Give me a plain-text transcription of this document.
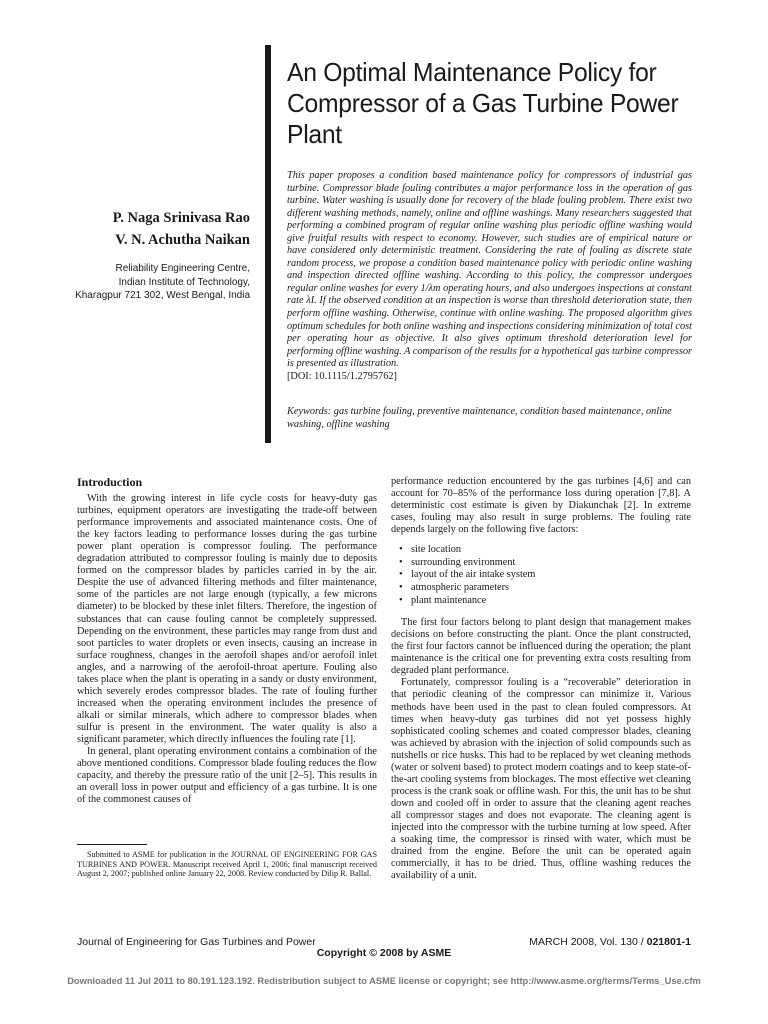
An Optimal Maintenance Policy for Compressor of a Gas Turbine Power Plant
P. Naga Srinivasa Rao
V. N. Achutha Naikan
Reliability Engineering Centre,
Indian Institute of Technology,
Kharagpur 721 302, West Bengal, India

This paper proposes a condition based maintenance policy for compressors of industrial gas turbine. Compressor blade fouling contributes a major performance loss in the operation of gas turbine. Water washing is usually done for recovery of the blade fouling problem. There exist two different washing methods, namely, online and offline washings. Many researchers suggested that performing a combined program of regular online washing plus periodic offline washing would give fruitful results with respect to economy. However, such studies are of empirical nature or have considered only deterministic treatment. Considering the rate of fouling as discrete state random process, we propose a condition based maintenance policy with periodic online washing and inspection directed offline washing. According to this policy, the compressor undergoes regular online washes for every 1/λm operating hours, and also undergoes inspections at constant rate λI. If the observed condition at an inspection is worse than threshold deterioration state, then perform offline washing. Otherwise, continue with online washing. The proposed algorithm gives optimum schedules for both online washing and inspections considering minimization of total cost per operating hour as objective. It also gives optimum threshold deterioration level for performing offline washing. A comparison of the results for a hypothetical gas turbine compressor is presented as illustration.
[DOI: 10.1115/1.2795762]

Keywords: gas turbine fouling, preventive maintenance, condition based maintenance, online washing, offline washing

Introduction

With the growing interest in life cycle costs for heavy-duty gas turbines, equipment operators are investigating the trade-off between performance improvements and associated maintenance costs. One of the key factors leading to performance losses during the gas turbine power plant operation is compressor fouling. The performance degradation attributed to compressor fouling is mainly due to deposits formed on the compressor blades by particles carried in by the air. Despite the use of advanced filtering methods and filter maintenance, some of the particles are not large enough (typically, a few microns diameter) to be blocked by these inlet filters. Therefore, the ingestion of substances that can cause fouling cannot be completely suppressed. Depending on the environment, these particles may range from dust and soot particles to water droplets or even insects, causing an increase in surface roughness, changes in the aerofoil shapes and/or aerofoil inlet angles, and a narrowing of the aerofoil-throat aperture. Fouling also takes place when the plant is operating in a sandy or dusty environment, which severely erodes compressor blades. The rate of fouling further increased when the operating environment includes the presence of alkali or similar minerals, which adhere to compressor blades when sulfur is present in the environment. The water quality is also a significant parameter, which directly influences the fouling rate [1].

In general, plant operating environment contains a combination of the above mentioned conditions. Compressor blade fouling reduces the flow capacity, and thereby the pressure ratio of the unit [2–5]. This results in an overall loss in power output and efficiency of a gas turbine. It is one of the commonest causes of

performance reduction encountered by the gas turbines [4,6] and can account for 70–85% of the performance loss during operation [7,8]. A deterministic cost estimate is given by Diakunchak [2]. In extreme cases, fouling may also result in surge problems. The fouling rate depends largely on the following five factors:

• site location
• surrounding environment
• layout of the air intake system
• atmospheric parameters
• plant maintenance

The first four factors belong to plant design that management makes decisions on before constructing the plant. Once the plant constructed, the first four factors cannot be influenced during the operation; the plant maintenance is the critical one for preventing extra costs resulting from degraded plant performance.

Fortunately, compressor fouling is a “recoverable” deterioration in that periodic cleaning of the compressor can minimize it. Various methods have been used in the past to clean fouled compressors. At times when heavy-duty gas turbines did not yet possess highly sophisticated cooling schemes and coated compressor blades, cleaning was achieved by abrasion with the injection of solid compounds such as nutshells or rice husks. This had to be replaced by wet cleaning methods (water or solvent based) to protect modern coatings and to keep state-of-the-art cooling systems from blockages. The most effective wet cleaning process is the crank soak or offline wash. For this, the unit has to be shut down and cooled off in order to assure that the cleaning agent reaches all compressor stages and does not evaporate. The cleaning agent is injected into the compressor with the turbine turning at low speed. After a soaking time, the compressor is rinsed with water, which must be drained from the engine. Before the unit can be operated again commercially, it has to be dried. Thus, offline washing reduces the availability of a unit.

Submitted to ASME for publication in the JOURNAL OF ENGINEERING FOR GAS TURBINES AND POWER. Manuscript received April 1, 2006; final manuscript received August 2, 2007; published online January 22, 2008. Review conducted by Dilip R. Ballal.
Journal of Engineering for Gas Turbines and Power	MARCH 2008, Vol. 130 / 021801-1
Copyright © 2008 by ASME
Downloaded 11 Jul 2011 to 80.191.123.192. Redistribution subject to ASME license or copyright; see http://www.asme.org/terms/Terms_Use.cfm
